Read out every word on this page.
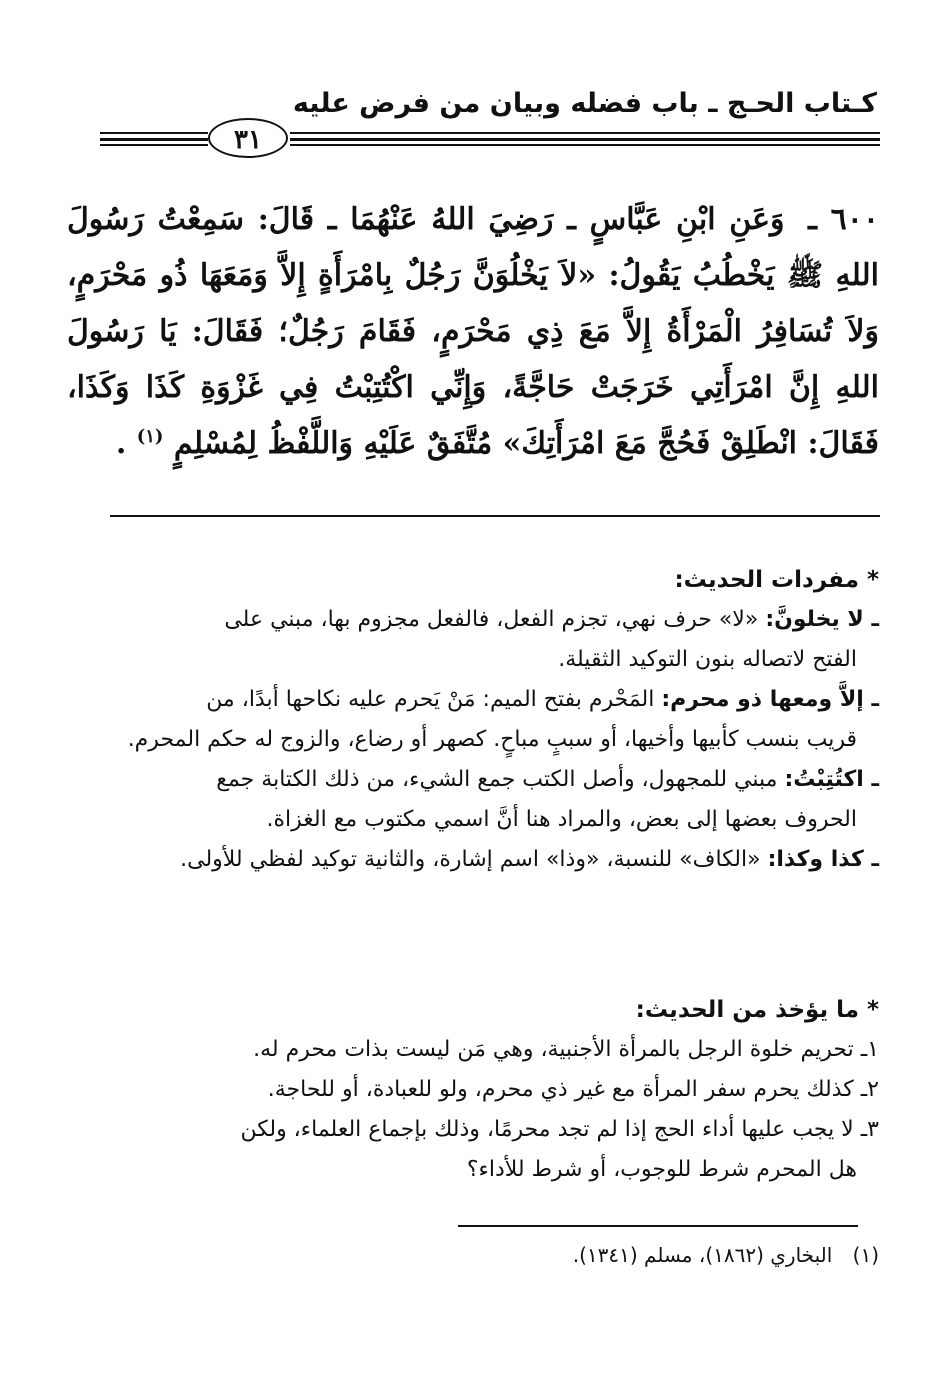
كـتاب الحـج ـ باب فضله وبيان من فرض عليه
٣١
٦٠٠ ـ وَعَنِ ابْنِ عَبَّاسٍ ـ رَضِيَ اللهُ عَنْهُمَا ـ قَالَ: سَمِعْتُ رَسُولَ اللهِ ﷺ يَخْطُبُ يَقُولُ: «لاَ يَخْلُوَنَّ رَجُلٌ بِامْرَأَةٍ إِلاَّ وَمَعَهَا ذُو مَحْرَمٍ، وَلاَ تُسَافِرُ الْمَرْأَةُ إِلاَّ مَعَ ذِي مَحْرَمٍ، فَقَامَ رَجُلٌ؛ فَقَالَ: يَا رَسُولَ اللهِ إِنَّ امْرَأَتِي خَرَجَتْ حَاجَّةً، وَإِنِّي اكْتُتِبْتُ فِي غَزْوَةِ كَذَا وَكَذَا، فَقَالَ: انْطَلِقْ فَحُجَّ مَعَ امْرَأَتِكَ» مُتَّفَقٌ عَلَيْهِ وَاللَّفْظُ لِمُسْلِمٍ $^{(١)}$ .

* مفردات الحديث:

ـ لا يخلونَّ: «لا» حرف نهي، تجزم الفعل، فالفعل مجزوم بها، مبني على
الفتح لاتصاله بنون التوكيد الثقيلة.

ـ إلاَّ ومعها ذو محرم: المَحْرم بفتح الميم: مَنْ يَحرم عليه نكاحها أبدًا، من
قريب بنسب كأبيها وأخيها، أو سببٍ مباحٍ. كصهر أو رضاع، والزوج له حكم المحرم.

ـ اكتُتِبْتُ: مبني للمجهول، وأصل الكتب جمع الشيء، من ذلك الكتابة جمع
الحروف بعضها إلى بعض، والمراد هنا أنَّ اسمي مكتوب مع الغزاة.

ـ كذا وكذا: «الكاف» للنسبة، «وذا» اسم إشارة، والثانية توكيد لفظي للأولى.

* ما يؤخذ من الحديث:

١ـ تحريم خلوة الرجل بالمرأة الأجنبية، وهي مَن ليست بذات محرم له.

٢ـ كذلك يحرم سفر المرأة مع غير ذي محرم، ولو للعبادة، أو للحاجة.

٣ـ لا يجب عليها أداء الحج إذا لم تجد محرمًا، وذلك بإجماع العلماء، ولكن
هل المحرم شرط للوجوب، أو شرط للأداء؟

(١) البخاري (١٨٦٢)، مسلم (١٣٤١).
